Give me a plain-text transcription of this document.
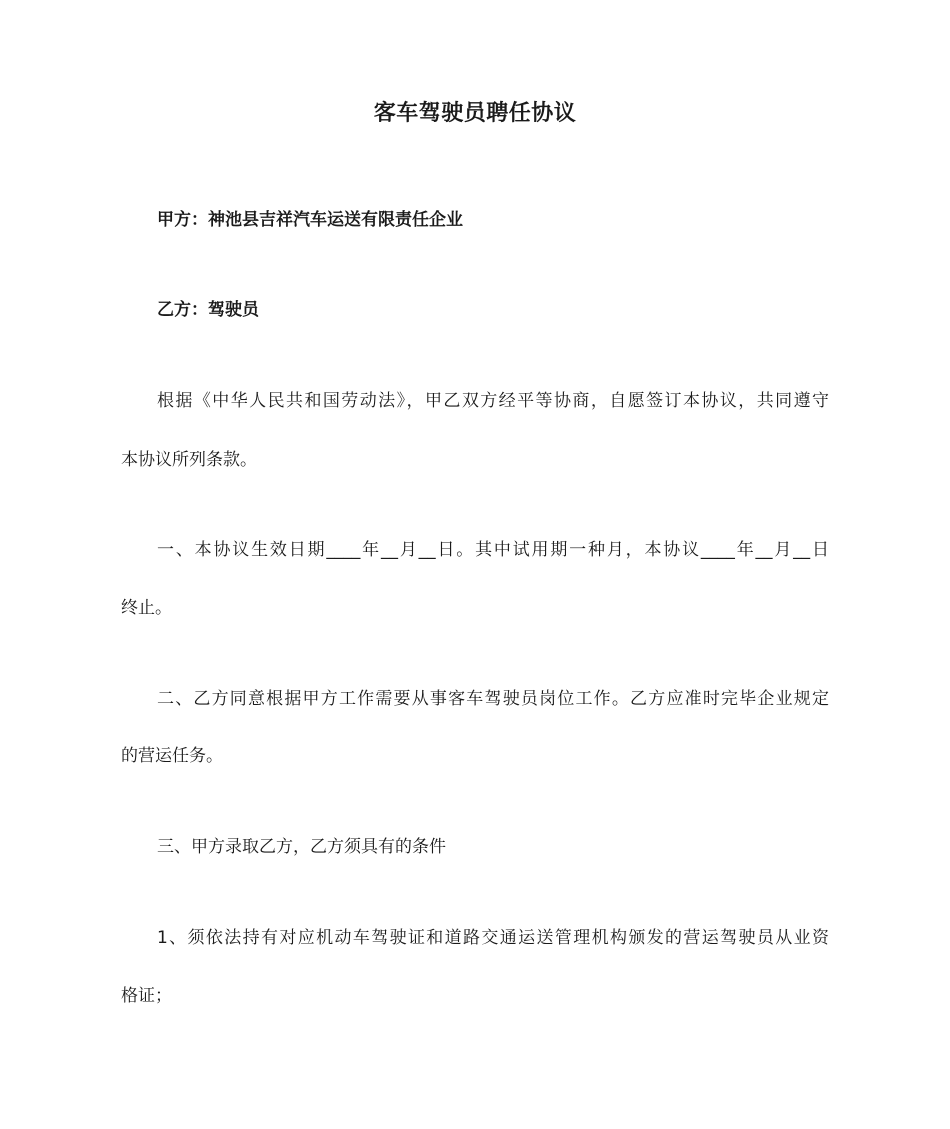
客车驾驶员聘任协议
甲方：神池县吉祥汽车运送有限责任企业
乙方：驾驶员
根据《中华人民共和国劳动法》，甲乙双方经平等协商，自愿签订本协议，共同遵守
本协议所列条款。
一、本协议生效日期____年__月__日。其中试用期一种月，本协议____年__月__日
终止。
二、乙方同意根据甲方工作需要从事客车驾驶员岗位工作。乙方应准时完毕企业规定
的营运任务。
三、甲方录取乙方，乙方须具有的条件
1、须依法持有对应机动车驾驶证和道路交通运送管理机构颁发的营运驾驶员从业资
格证；
